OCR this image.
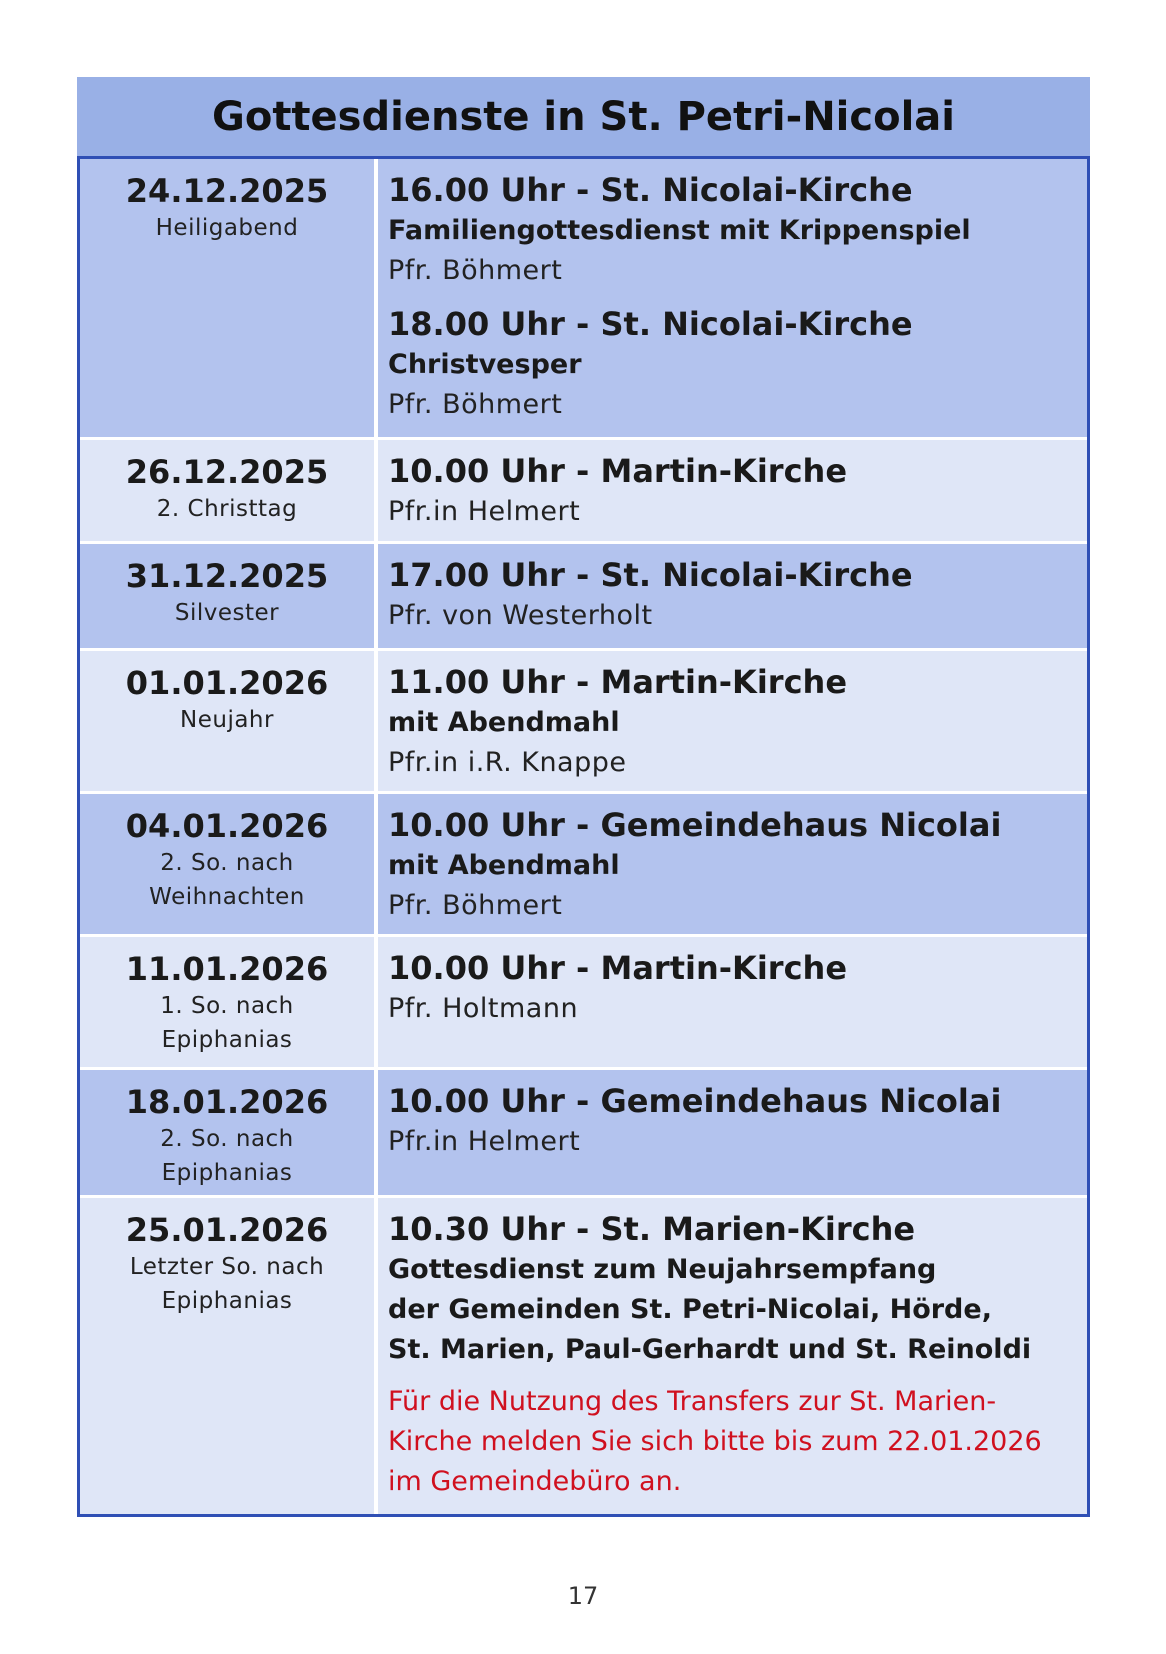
Gottesdienste in St. Petri-Nicolai
24.12.2025
Heiligabend
16.00 Uhr - St. Nicolai-Kirche
Familiengottesdienst mit Krippenspiel
Pfr. Böhmert
18.00 Uhr - St. Nicolai-Kirche
Christvesper
Pfr. Böhmert
26.12.2025
2. Christtag
10.00 Uhr - Martin-Kirche
Pfr.in Helmert
31.12.2025
Silvester
17.00 Uhr - St. Nicolai-Kirche
Pfr. von Westerholt
01.01.2026
Neujahr
11.00 Uhr - Martin-Kirche
mit Abendmahl
Pfr.in i.R. Knappe
04.01.2026
2. So. nach
Weihnachten
10.00 Uhr - Gemeindehaus Nicolai
mit Abendmahl
Pfr. Böhmert
11.01.2026
1. So. nach
Epiphanias
10.00 Uhr - Martin-Kirche
Pfr. Holtmann
18.01.2026
2. So. nach
Epiphanias
10.00 Uhr - Gemeindehaus Nicolai
Pfr.in Helmert
25.01.2026
Letzter So. nach
Epiphanias
10.30 Uhr - St. Marien-Kirche
Gottesdienst zum Neujahrsempfang
der Gemeinden St. Petri-Nicolai, Hörde,
St. Marien, Paul-Gerhardt und St. Reinoldi
Für die Nutzung des Transfers zur St. Marien-Kirche melden Sie sich bitte bis zum 22.01.2026 im Gemeindebüro an.
17
